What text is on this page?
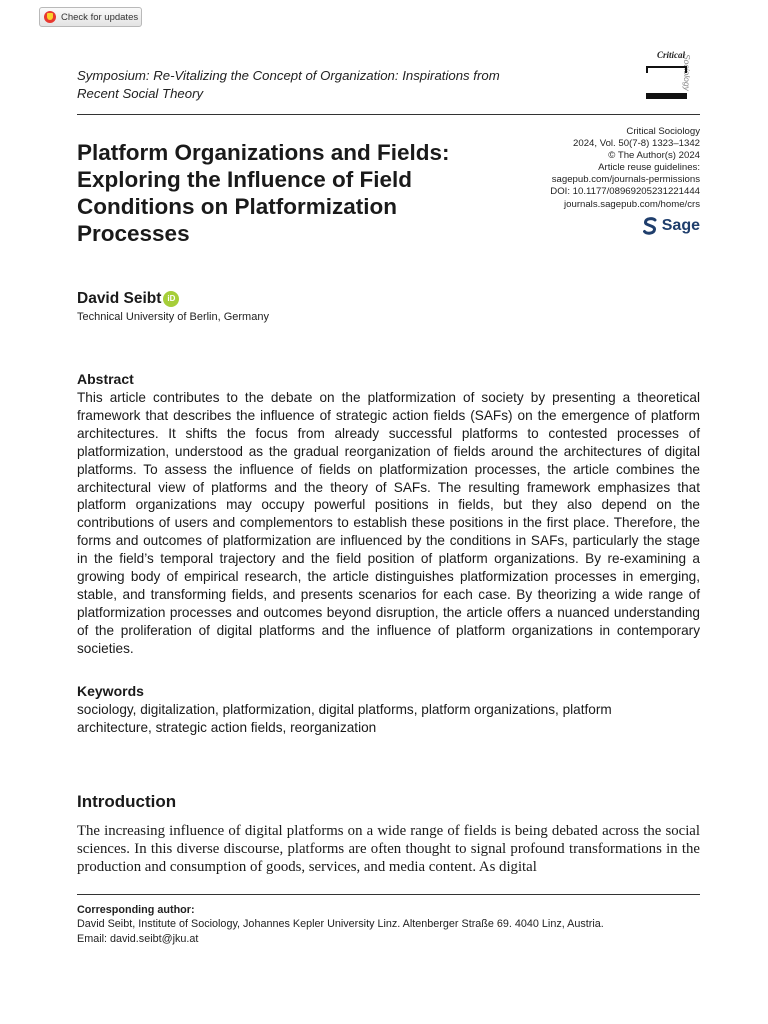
Check for updates
Symposium: Re-Vitalizing the Concept of Organization: Inspirations from Recent Social Theory
Critical
Sociology
Platform Organizations and Fields: Exploring the Influence of Field Conditions on Platformization Processes
Critical Sociology
2024, Vol. 50(7-8) 1323–1342
© The Author(s) 2024
Article reuse guidelines:
sagepub.com/journals-permissions
DOI: 10.1177/08969205231221444
journals.sagepub.com/home/crs
Sage
David Seibt iD
Technical University of Berlin, Germany
Abstract

This article contributes to the debate on the platformization of society by presenting a theoretical framework that describes the influence of strategic action fields (SAFs) on the emergence of platform architectures. It shifts the focus from already successful platforms to contested processes of platformization, understood as the gradual reorganization of fields around the architectures of digital platforms. To assess the influence of fields on platformization processes, the article combines the architectural view of platforms and the theory of SAFs. The resulting framework emphasizes that platform organizations may occupy powerful positions in fields, but they also depend on the contributions of users and complementors to establish these positions in the first place. Therefore, the forms and outcomes of platformization are influenced by the conditions in SAFs, particularly the stage in the field’s temporal trajectory and the field position of platform organizations. By re-examining a growing body of empirical research, the article distinguishes platformization processes in emerging, stable, and transforming fields, and presents scenarios for each case. By theorizing a wide range of platformization processes and outcomes beyond disruption, the article offers a nuanced understanding of the proliferation of digital platforms and the influence of platform organizations in contemporary societies.

Keywords

sociology, digitalization, platformization, digital platforms, platform organizations, platform architecture, strategic action fields, reorganization

Introduction

The increasing influence of digital platforms on a wide range of fields is being debated across the social sciences. In this diverse discourse, platforms are often thought to signal profound transformations in the production and consumption of goods, services, and media content. As digital

Corresponding author:
David Seibt, Institute of Sociology, Johannes Kepler University Linz. Altenberger Straße 69. 4040 Linz, Austria.
Email: david.seibt@jku.at
